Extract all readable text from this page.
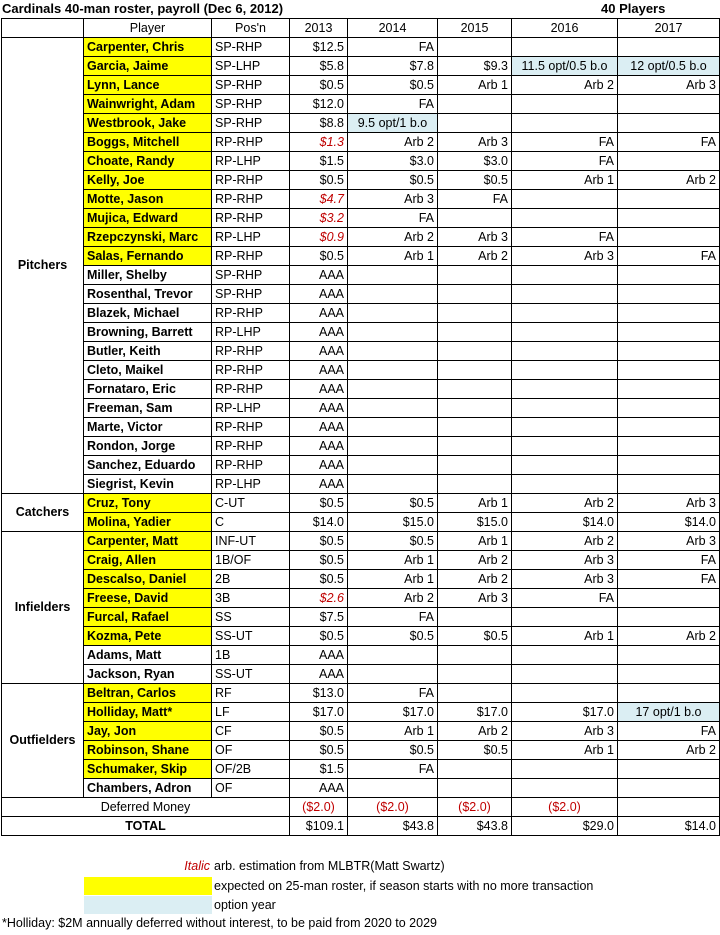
Cardinals 40-man roster, payroll (Dec 6, 2012)	40 Players
	Player	Pos'n	2013	2014	2015	2016	2017
Pitchers	Carpenter, Chris	SP-RHP	$12.5	FA			
	Garcia, Jaime	SP-LHP	$5.8	$7.8	$9.3	11.5 opt/0.5 b.o	12 opt/0.5 b.o
	Lynn, Lance	SP-RHP	$0.5	$0.5	Arb 1	Arb 2	Arb 3
	Wainwright, Adam	SP-RHP	$12.0	FA			
	Westbrook, Jake	SP-RHP	$8.8	9.5 opt/1 b.o			
	Boggs, Mitchell	RP-RHP	$1.3	Arb 2	Arb 3	FA	FA
	Choate, Randy	RP-LHP	$1.5	$3.0	$3.0	FA	
	Kelly, Joe	RP-RHP	$0.5	$0.5	$0.5	Arb 1	Arb 2
	Motte, Jason	RP-RHP	$4.7	Arb 3	FA		
	Mujica, Edward	RP-RHP	$3.2	FA			
	Rzepczynski, Marc	RP-LHP	$0.9	Arb 2	Arb 3	FA	
	Salas, Fernando	RP-RHP	$0.5	Arb 1	Arb 2	Arb 3	FA
	Miller, Shelby	SP-RHP	AAA				
	Rosenthal, Trevor	SP-RHP	AAA				
	Blazek, Michael	RP-RHP	AAA				
	Browning, Barrett	RP-LHP	AAA				
	Butler, Keith	RP-RHP	AAA				
	Cleto, Maikel	RP-RHP	AAA				
	Fornataro, Eric	RP-RHP	AAA				
	Freeman, Sam	RP-LHP	AAA				
	Marte, Victor	RP-RHP	AAA				
	Rondon, Jorge	RP-RHP	AAA				
	Sanchez, Eduardo	RP-RHP	AAA				
	Siegrist, Kevin	RP-LHP	AAA				
Catchers	Cruz, Tony	C-UT	$0.5	$0.5	Arb 1	Arb 2	Arb 3
	Molina, Yadier	C	$14.0	$15.0	$15.0	$14.0	$14.0
Infielders	Carpenter, Matt	INF-UT	$0.5	$0.5	Arb 1	Arb 2	Arb 3
	Craig, Allen	1B/OF	$0.5	Arb 1	Arb 2	Arb 3	FA
	Descalso, Daniel	2B	$0.5	Arb 1	Arb 2	Arb 3	FA
	Freese, David	3B	$2.6	Arb 2	Arb 3	FA	
	Furcal, Rafael	SS	$7.5	FA			
	Kozma, Pete	SS-UT	$0.5	$0.5	$0.5	Arb 1	Arb 2
	Adams, Matt	1B	AAA				
	Jackson, Ryan	SS-UT	AAA				
Outfielders	Beltran, Carlos	RF	$13.0	FA			
	Holliday, Matt*	LF	$17.0	$17.0	$17.0	$17.0	17 opt/1 b.o
	Jay, Jon	CF	$0.5	Arb 1	Arb 2	Arb 3	FA
	Robinson, Shane	OF	$0.5	$0.5	$0.5	Arb 1	Arb 2
	Schumaker, Skip	OF/2B	$1.5	FA			
	Chambers, Adron	OF	AAA				
Deferred Money			($2.0)	($2.0)	($2.0)	($2.0)	
TOTAL			$109.1	$43.8	$43.8	$29.0	$14.0
Italic arb. estimation from MLBTR(Matt Swartz)
expected on 25-man roster, if season starts with no more transaction
option year
*Holliday: $2M annually deferred without interest, to be paid from 2020 to 2029
